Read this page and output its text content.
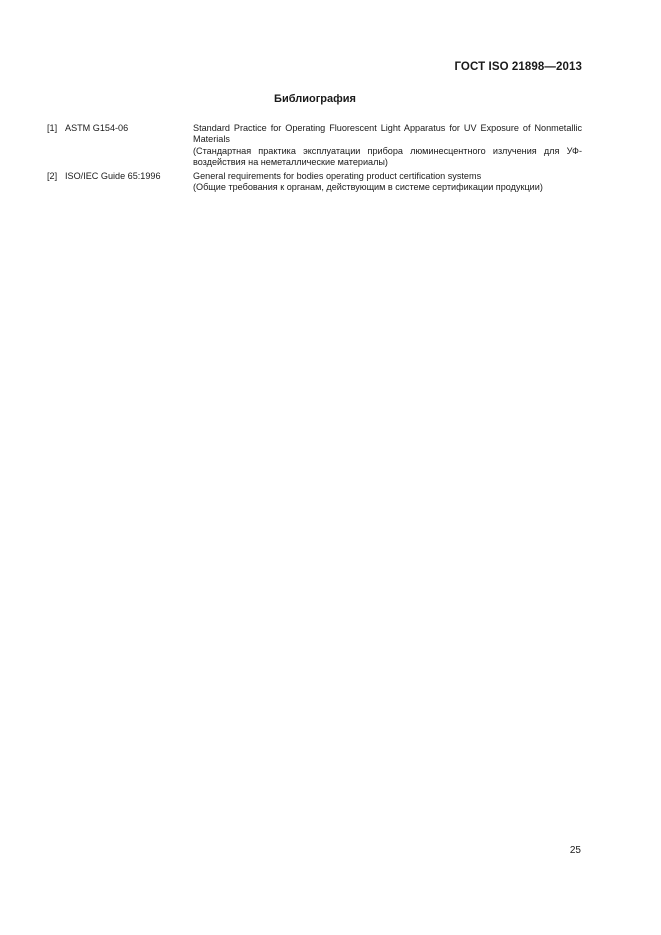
ГОСТ ISO 21898—2013
Библиография
[1] ASTM G154-06	Standard Practice for Operating Fluorescent Light Apparatus for UV Exposure of Nonmetallic Materials
(Стандартная практика эксплуатации прибора люминесцентного излучения для УФ-воздействия на неметаллические материалы)
[2] ISO/IEC Guide 65:1996	General requirements for bodies operating product certification systems
(Общие требования к органам, действующим в системе сертификации продукции)
25
